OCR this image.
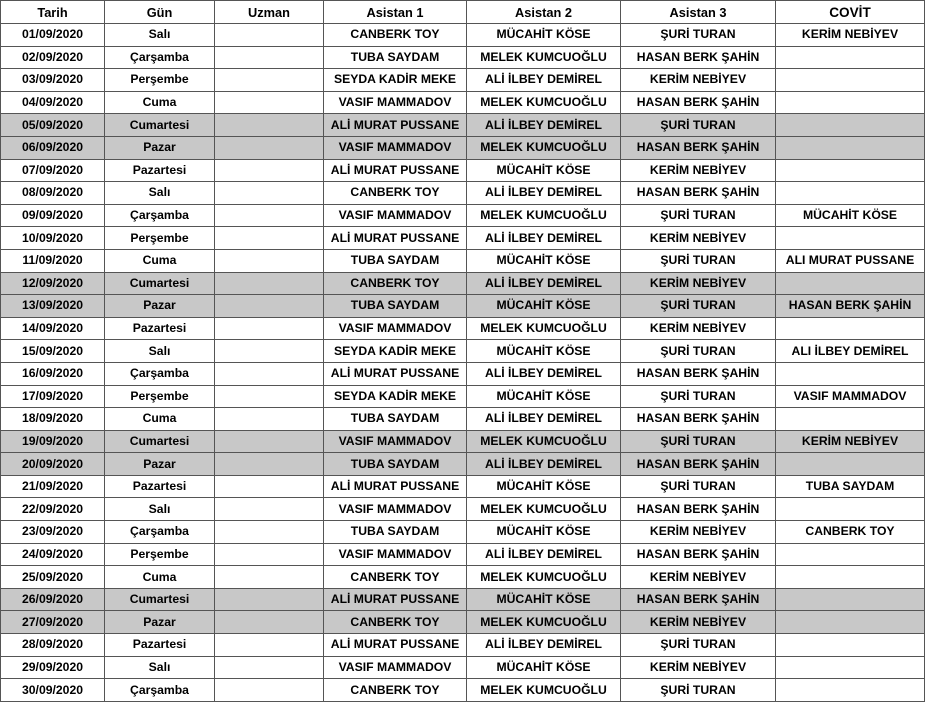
Tarih	Gün	Uzman	Asistan 1	Asistan 2	Asistan 3	COVİT
01/09/2020	Salı		CANBERK TOY	MÜCAHİT KÖSE	ŞURİ TURAN	KERİM NEBİYEV
02/09/2020	Çarşamba		TUBA SAYDAM	MELEK KUMCUOĞLU	HASAN BERK ŞAHİN	
03/09/2020	Perşembe		SEYDA KADİR MEKE	ALİ İLBEY DEMİREL	KERİM NEBİYEV	
04/09/2020	Cuma		VASIF MAMMADOV	MELEK KUMCUOĞLU	HASAN BERK ŞAHİN	
05/09/2020	Cumartesi		ALİ MURAT PUSSANE	ALİ İLBEY DEMİREL	ŞURİ TURAN	
06/09/2020	Pazar		VASIF MAMMADOV	MELEK KUMCUOĞLU	HASAN BERK ŞAHİN	
07/09/2020	Pazartesi		ALİ MURAT PUSSANE	MÜCAHİT KÖSE	KERİM NEBİYEV	
08/09/2020	Salı		CANBERK TOY	ALİ İLBEY DEMİREL	HASAN BERK ŞAHİN	
09/09/2020	Çarşamba		VASIF MAMMADOV	MELEK KUMCUOĞLU	ŞURİ TURAN	MÜCAHİT KÖSE
10/09/2020	Perşembe		ALİ MURAT PUSSANE	ALİ İLBEY DEMİREL	KERİM NEBİYEV	
11/09/2020	Cuma		TUBA SAYDAM	MÜCAHİT KÖSE	ŞURİ TURAN	ALI MURAT PUSSANE
12/09/2020	Cumartesi		CANBERK TOY	ALİ İLBEY DEMİREL	KERİM NEBİYEV	
13/09/2020	Pazar		TUBA SAYDAM	MÜCAHİT KÖSE	ŞURİ TURAN	HASAN BERK ŞAHİN
14/09/2020	Pazartesi		VASIF MAMMADOV	MELEK KUMCUOĞLU	KERİM NEBİYEV	
15/09/2020	Salı		SEYDA KADİR MEKE	MÜCAHİT KÖSE	ŞURİ TURAN	ALI İLBEY DEMİREL
16/09/2020	Çarşamba		ALİ MURAT PUSSANE	ALİ İLBEY DEMİREL	HASAN BERK ŞAHİN	
17/09/2020	Perşembe		SEYDA KADİR MEKE	MÜCAHİT KÖSE	ŞURİ TURAN	VASIF MAMMADOV
18/09/2020	Cuma		TUBA SAYDAM	ALİ İLBEY DEMİREL	HASAN BERK ŞAHİN	
19/09/2020	Cumartesi		VASIF MAMMADOV	MELEK KUMCUOĞLU	ŞURİ TURAN	KERİM NEBİYEV
20/09/2020	Pazar		TUBA SAYDAM	ALİ İLBEY DEMİREL	HASAN BERK ŞAHİN	
21/09/2020	Pazartesi		ALİ MURAT PUSSANE	MÜCAHİT KÖSE	ŞURİ TURAN	TUBA SAYDAM
22/09/2020	Salı		VASIF MAMMADOV	MELEK KUMCUOĞLU	HASAN BERK ŞAHİN	
23/09/2020	Çarşamba		TUBA SAYDAM	MÜCAHİT KÖSE	KERİM NEBİYEV	CANBERK TOY
24/09/2020	Perşembe		VASIF MAMMADOV	ALİ İLBEY DEMİREL	HASAN BERK ŞAHİN	
25/09/2020	Cuma		CANBERK TOY	MELEK KUMCUOĞLU	KERİM NEBİYEV	
26/09/2020	Cumartesi		ALİ MURAT PUSSANE	MÜCAHİT KÖSE	HASAN BERK ŞAHİN	
27/09/2020	Pazar		CANBERK TOY	MELEK KUMCUOĞLU	KERİM NEBİYEV	
28/09/2020	Pazartesi		ALİ MURAT PUSSANE	ALİ İLBEY DEMİREL	ŞURİ TURAN	
29/09/2020	Salı		VASIF MAMMADOV	MÜCAHİT KÖSE	KERİM NEBİYEV	
30/09/2020	Çarşamba		CANBERK TOY	MELEK KUMCUOĞLU	ŞURİ TURAN	
